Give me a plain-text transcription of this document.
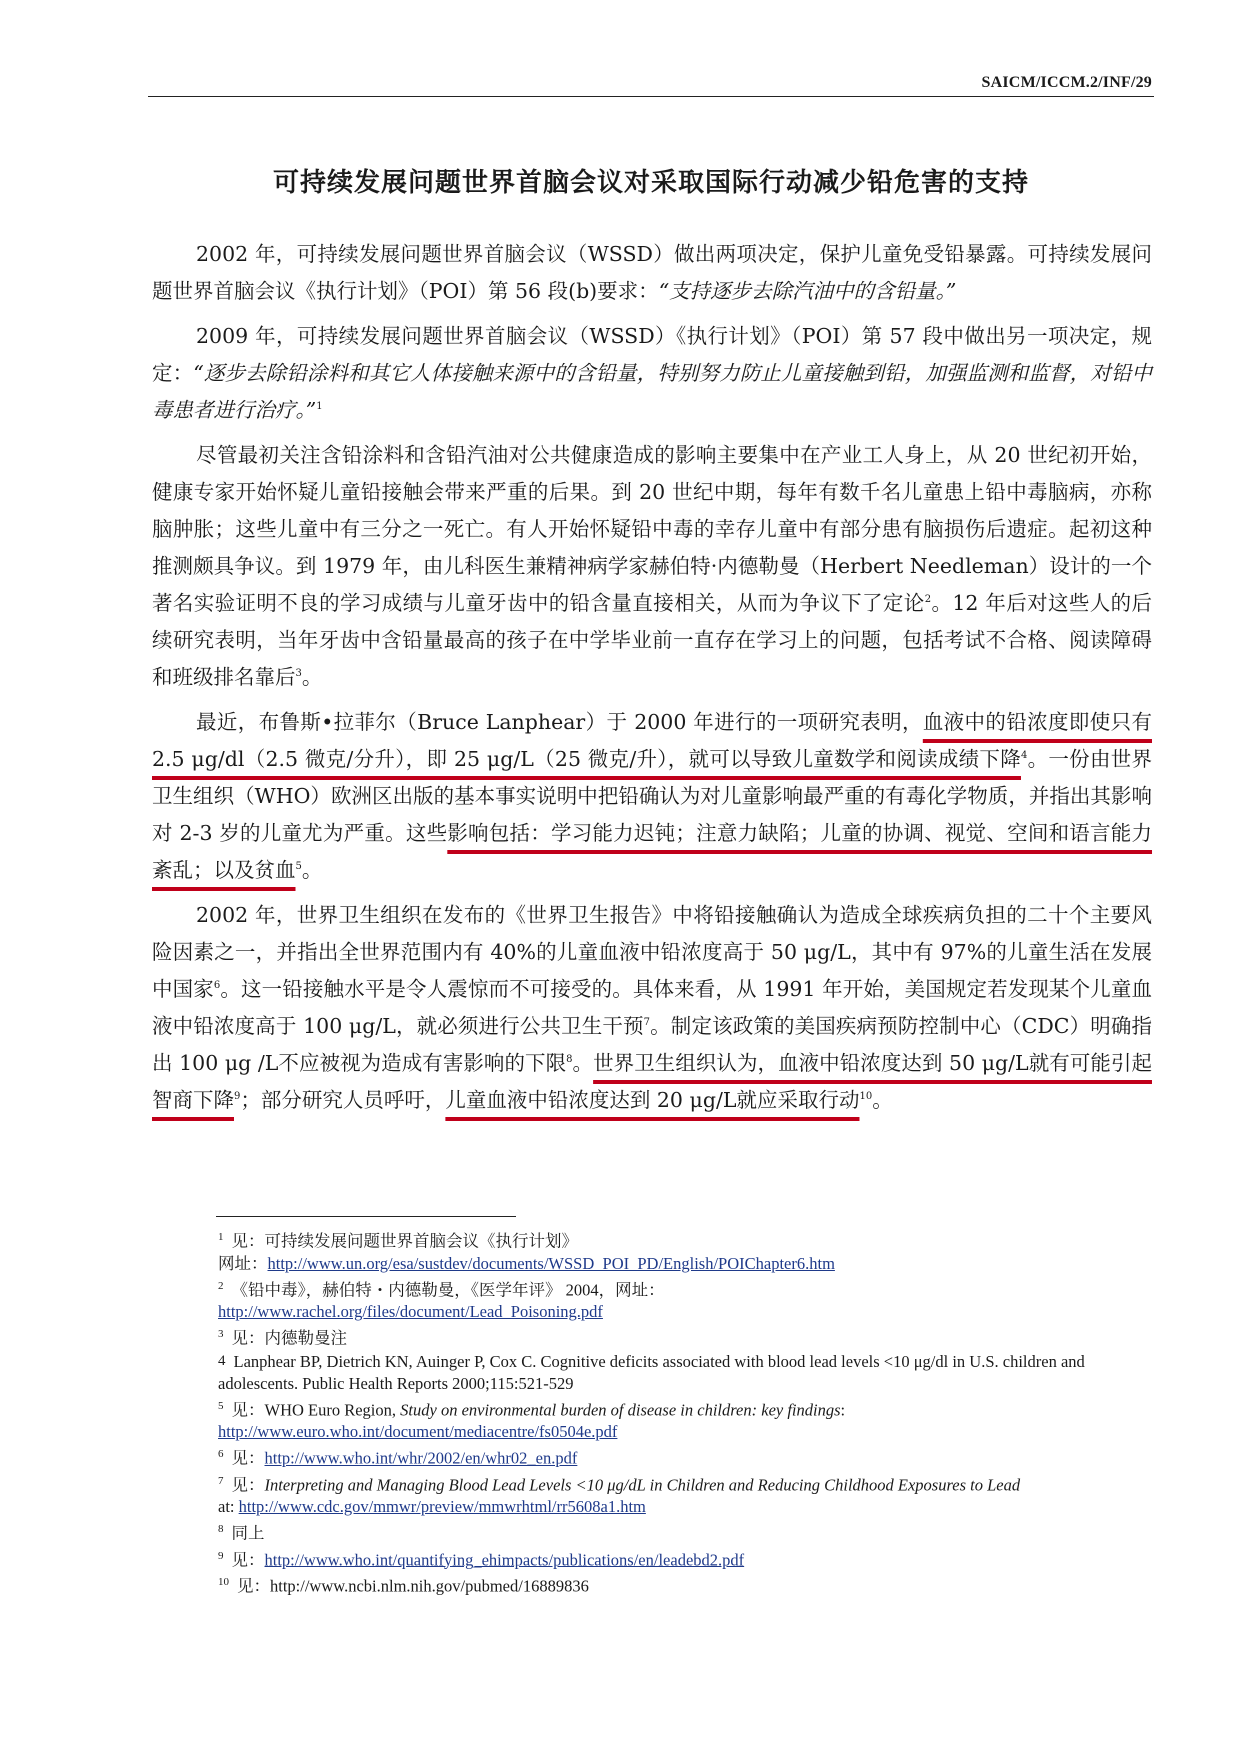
SAICM/ICCM.2/INF/29
可持续发展问题世界首脑会议对采取国际行动减少铅危害的支持

2002 年，可持续发展问题世界首脑会议（WSSD）做出两项决定，保护儿童免受铅暴露。可持续发展问题世界首脑会议《执行计划》（POI）第 56 段(b)要求：“支持逐步去除汽油中的含铅量。”

2009 年，可持续发展问题世界首脑会议（WSSD）《执行计划》（POI）第 57 段中做出另一项决定，规定：“逐步去除铅涂料和其它人体接触来源中的含铅量，特别努力防止儿童接触到铅，加强监测和监督，对铅中毒患者进行治疗。”$^1$

尽管最初关注含铅涂料和含铅汽油对公共健康造成的影响主要集中在产业工人身上，从 20 世纪初开始，健康专家开始怀疑儿童铅接触会带来严重的后果。到 20 世纪中期，每年有数千名儿童患上铅中毒脑病，亦称脑肿胀；这些儿童中有三分之一死亡。有人开始怀疑铅中毒的幸存儿童中有部分患有脑损伤后遗症。起初这种推测颇具争议。到 1979 年，由儿科医生兼精神病学家赫伯特·内德勒曼（Herbert Needleman）设计的一个著名实验证明不良的学习成绩与儿童牙齿中的铅含量直接相关，从而为争议下了定论$^2$。12 年后对这些人的后续研究表明，当年牙齿中含铅量最高的孩子在中学毕业前一直存在学习上的问题，包括考试不合格、阅读障碍和班级排名靠后$^3$。

最近，布鲁斯•拉菲尔（Bruce Lanphear）于 2000 年进行的一项研究表明，血液中的铅浓度即使只有 2.5 μg/dl（2.5 微克/分升），即 25 μg/L（25 微克/升），就可以导致儿童数学和阅读成绩下降$^4$。一份由世界卫生组织（WHO）欧洲区出版的基本事实说明中把铅确认为对儿童影响最严重的有毒化学物质，并指出其影响对 2-3 岁的儿童尤为严重。这些影响包括：学习能力迟钝；注意力缺陷；儿童的协调、视觉、空间和语言能力紊乱；以及贫血$^5$。

2002 年，世界卫生组织在发布的《世界卫生报告》中将铅接触确认为造成全球疾病负担的二十个主要风险因素之一，并指出全世界范围内有 40%的儿童血液中铅浓度高于 50 μg/L，其中有 97%的儿童生活在发展中国家$^6$。这一铅接触水平是令人震惊而不可接受的。具体来看，从 1991 年开始，美国规定若发现某个儿童血液中铅浓度高于 100 μg/L，就必须进行公共卫生干预$^7$。制定该政策的美国疾病预防控制中心（CDC）明确指出 100 μg /L不应被视为造成有害影响的下限$^8$。世界卫生组织认为，血液中铅浓度达到 50 μg/L就有可能引起智商下降$^9$；部分研究人员呼吁，儿童血液中铅浓度达到 20 μg/L就应采取行动$^{10}$。

$^1$ 见：可持续发展问题世界首脑会议《执行计划》

网址：http://www.un.org/esa/sustdev/documents/WSSD_POI_PD/English/POIChapter6.htm

$^2$ 《铅中毒》，赫伯特・内德勒曼，《医学年评》 2004，网址：

http://www.rachel.org/files/document/Lead_Poisoning.pdf

$^3$ 见：内德勒曼注

4 Lanphear BP, Dietrich KN, Auinger P, Cox C. Cognitive deficits associated with blood lead levels <10 μg/dl in U.S. children and adolescents. Public Health Reports 2000;115:521-529

$^5$ 见：WHO Euro Region, Study on environmental burden of disease in children: key findings:

http://www.euro.who.int/document/mediacentre/fs0504e.pdf

$^6$ 见：http://www.who.int/whr/2002/en/whr02_en.pdf

$^7$ 见：Interpreting and Managing Blood Lead Levels <10 μg/dL in Children and Reducing Childhood Exposures to Lead

at: http://www.cdc.gov/mmwr/preview/mmwrhtml/rr5608a1.htm

$^8$ 同上

$^9$ 见：http://www.who.int/quantifying_ehimpacts/publications/en/leadebd2.pdf

$^{10}$ 见：http://www.ncbi.nlm.nih.gov/pubmed/16889836
